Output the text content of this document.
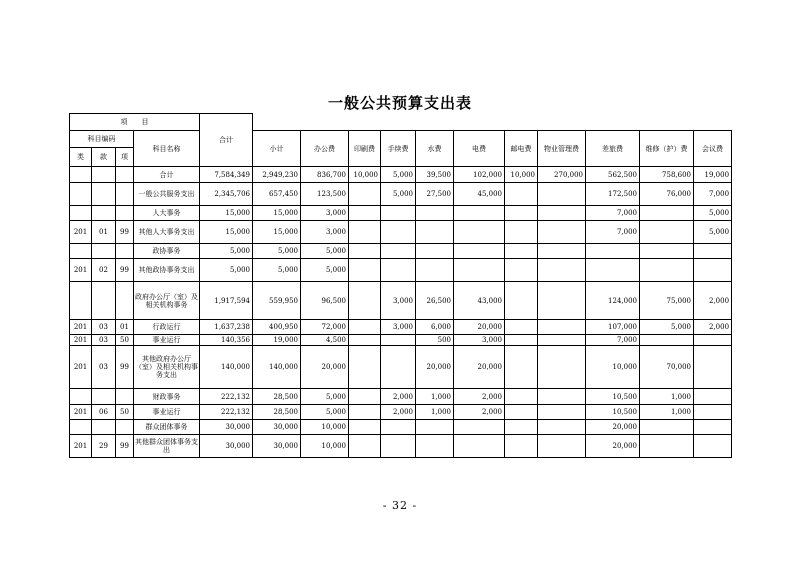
一般公共预算支出表
项　　目				合计											
科目编码			科目名称		小计	办公费	印刷费	手续费	水费	电费	邮电费	物业管理费	差旅费	维修（护）费	会议费
类	款	项													
			合计	7,584,349	2,949,230	836,700	10,000	5,000	39,500	102,000	10,000	270,000	562,500	758,600	19,000
			一般公共服务支出	2,345,706	657,450	123,500		5,000	27,500	45,000			172,500	76,000	7,000
			人大事务	15,000	15,000	3,000							7,000		5,000
201	01	99	其他人大事务支出	15,000	15,000	3,000							7,000		5,000
			政协事务	5,000	5,000	5,000									
201	02	99	其他政协事务支出	5,000	5,000	5,000									
			政府办公厅（室）及相关机构事务	1,917,594	559,950	96,500		3,000	26,500	43,000			124,000	75,000	2,000
201	03	01	行政运行	1,637,238	400,950	72,000		3,000	6,000	20,000			107,000	5,000	2,000
201	03	50	事业运行	140,356	19,000	4,500			500	3,000			7,000		
201	03	99	其他政府办公厅（室）及相关机构事务支出	140,000	140,000	20,000			20,000	20,000			10,000	70,000	
			财政事务	222,132	28,500	5,000		2,000	1,000	2,000			10,500	1,000	
201	06	50	事业运行	222,132	28,500	5,000		2,000	1,000	2,000			10,500	1,000	
			群众团体事务	30,000	30,000	10,000							20,000		
201	29	99	其他群众团体事务支出	30,000	30,000	10,000							20,000		
- 32 -
